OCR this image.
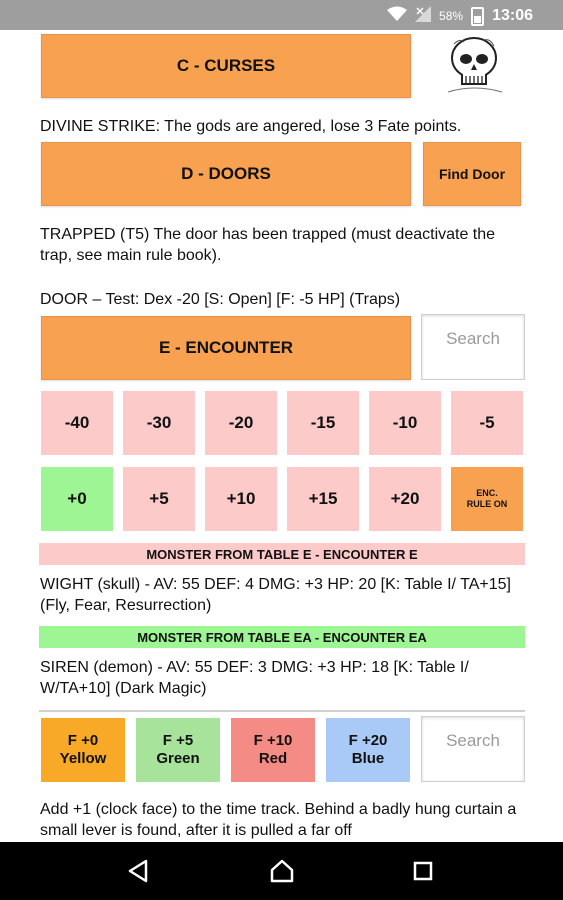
58% 13:06
C - CURSES
DIVINE STRIKE: The gods are angered, lose 3 Fate points.
D - DOORS	Find Door
TRAPPED (T5) The door has been trapped (must deactivate the trap, see main rule book).
DOOR – Test: Dex -20 [S: Open] [F: -5 HP] (Traps)
E - ENCOUNTER	Search
-40	-30	-20	-15	-10	-5
+0	+5	+10	+15	+20	ENC.
RULE ON
MONSTER FROM TABLE E - ENCOUNTER E
WIGHT (skull) - AV: 55 DEF: 4 DMG: +3 HP: 20 [K: Table I/ TA+15] (Fly, Fear, Resurrection)
MONSTER FROM TABLE EA - ENCOUNTER EA
SIREN (demon) - AV: 55 DEF: 3 DMG: +3 HP: 18 [K: Table I/ W/TA+10] (Dark Magic)
F +0
Yellow
F +5
Green
F +10
Red
F +20
Blue
Search
Add +1 (clock face) to the time track. Behind a badly hung curtain a small lever is found, after it is pulled a far off
